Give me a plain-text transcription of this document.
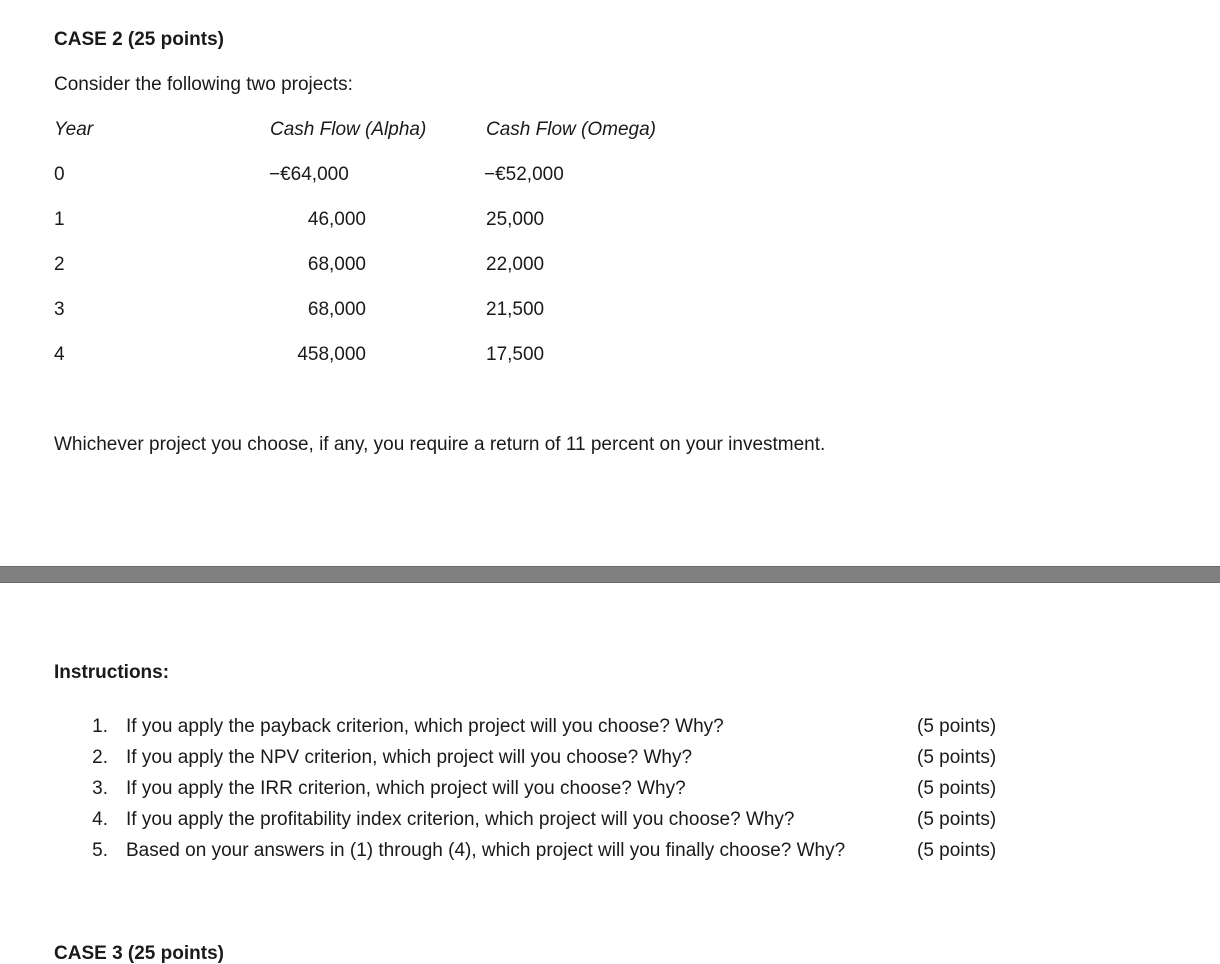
CASE 2 (25 points)
Consider the following two projects:
Year	Cash Flow (Alpha)	Cash Flow (Omega)
0	−€64,000	−€52,000
1	46,000	25,000
2	68,000	22,000
3	68,000	21,500
4	458,000	17,500
Whichever project you choose, if any, you require a return of 11 percent on your investment.
Instructions:
1. If you apply the payback criterion, which project will you choose? Why?	(5 points)
2. If you apply the NPV criterion, which project will you choose? Why?	(5 points)
3. If you apply the IRR criterion, which project will you choose? Why?	(5 points)
4. If you apply the profitability index criterion, which project will you choose? Why?	(5 points)
5. Based on your answers in (1) through (4), which project will you finally choose? Why?	(5 points)
CASE 3 (25 points)
